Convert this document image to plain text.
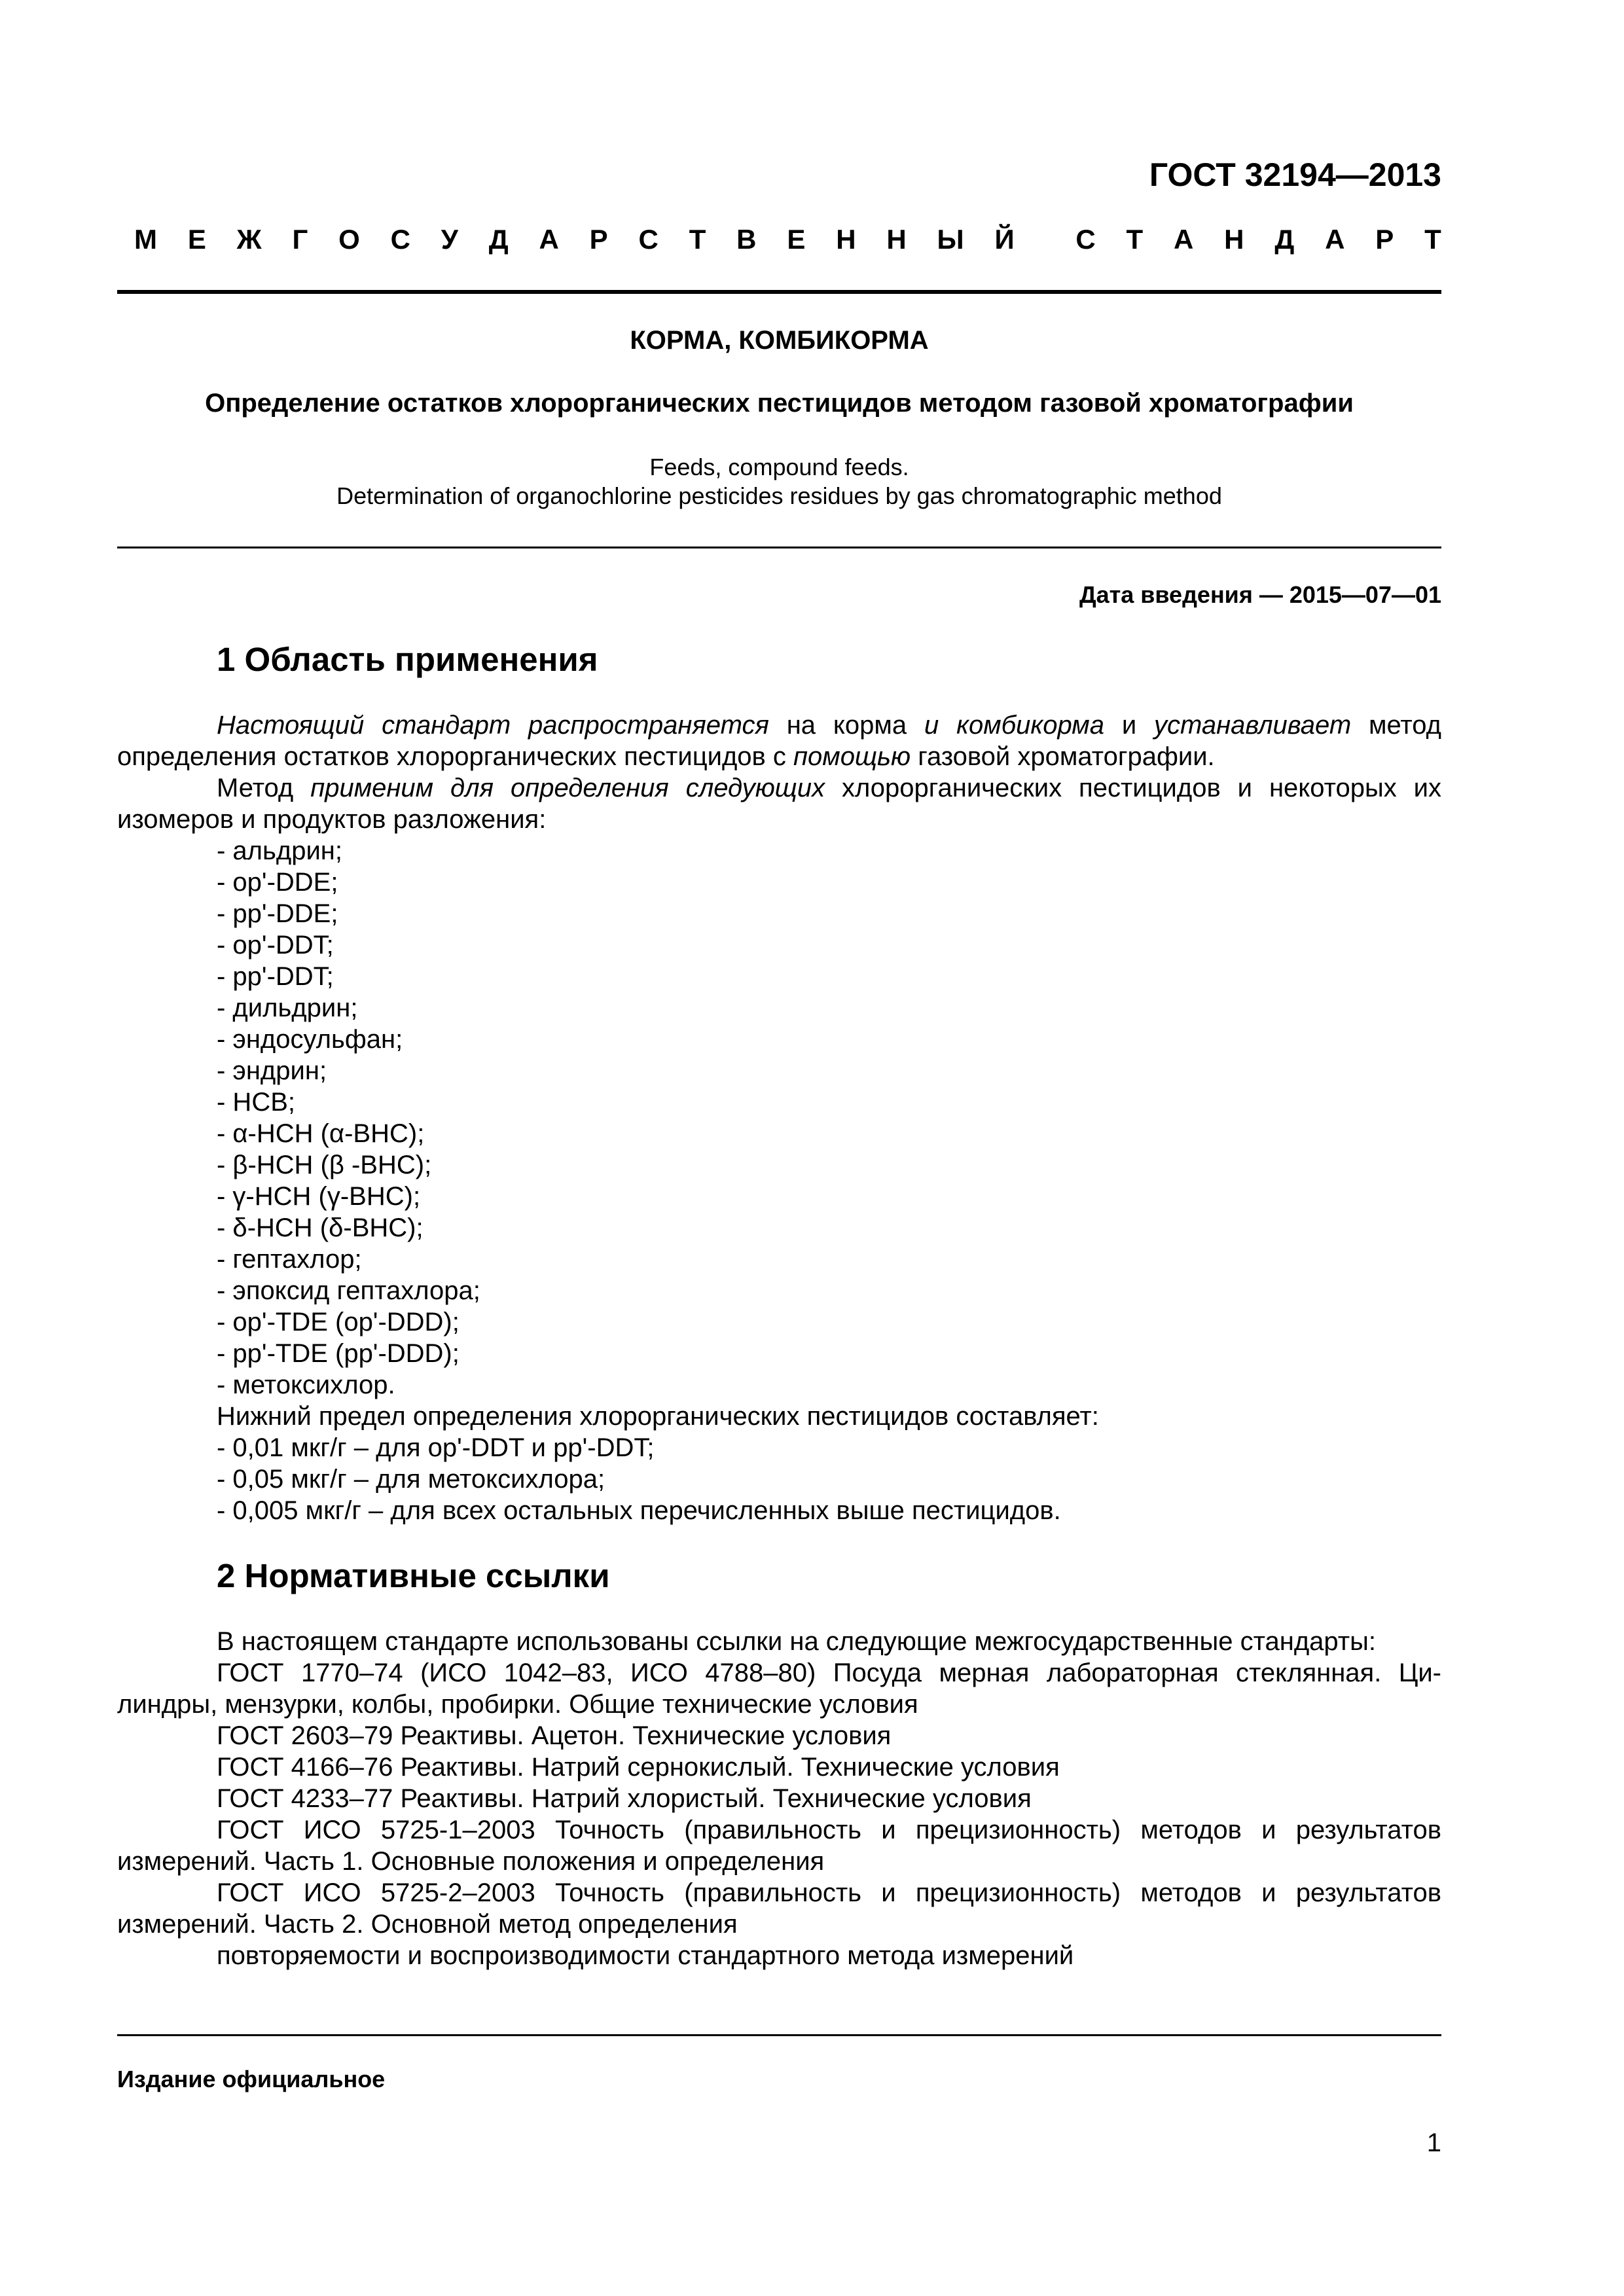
ГОСТ 32194—2013
М Е Ж Г О С У Д А Р С Т В Е Н Н Ы Й С Т А Н Д А Р Т
КОРМА, КОМБИКОРМА
Определение остатков хлорорганических пестицидов методом газовой хроматографии
Feeds, compound feeds.
Determination of organochlorine pesticides residues by gas chromatographic method
Дата введения — 2015—07—01
1 Область применения
Настоящий стандарт распространяется на корма и комбикорма и устанавливает метод
определения остатков хлорорганических пестицидов с помощью газовой хроматографии.
Метод применим для определения следующих хлорорганических пестицидов и некоторых их
изомеров и продуктов разложения:
- альдрин;
- op'-DDE;
- pp'-DDE;
- op'-DDT;
- pp'-DDT;
- дильдрин;
- эндосульфан;
- эндрин;
- HCB;
- α-HCH (α-BHC);
- β-HCH (β -BHC);
- γ-HCH (γ-BHC);
- δ-HCH (δ-BHC);
- гептахлор;
- эпоксид гептахлора;
- op'-TDE (op'-DDD);
- pp'-TDE (pp'-DDD);
- метоксихлор.
Нижний предел определения хлорорганических пестицидов составляет:
- 0,01 мкг/г – для op'-DDT и pp'-DDT;
- 0,05 мкг/г – для метоксихлора;
- 0,005 мкг/г – для всех остальных перечисленных выше пестицидов.
2 Нормативные ссылки
В настоящем стандарте использованы ссылки на следующие межгосударственные стандарты:
ГОСТ 1770–74 (ИСО 1042–83, ИСО 4788–80) Посуда мерная лабораторная стеклянная. Ци-
линдры, мензурки, колбы, пробирки. Общие технические условия
ГОСТ 2603–79 Реактивы. Ацетон. Технические условия
ГОСТ 4166–76 Реактивы. Натрий сернокислый. Технические условия
ГОСТ 4233–77 Реактивы. Натрий хлористый. Технические условия
ГОСТ ИСО 5725-1–2003 Точность (правильность и прецизионность) методов и результатов
измерений. Часть 1. Основные положения и определения
ГОСТ ИСО 5725-2–2003 Точность (правильность и прецизионность) методов и результатов
измерений. Часть 2. Основной метод определения
повторяемости и воспроизводимости стандартного метода измерений
Издание официальное
1
